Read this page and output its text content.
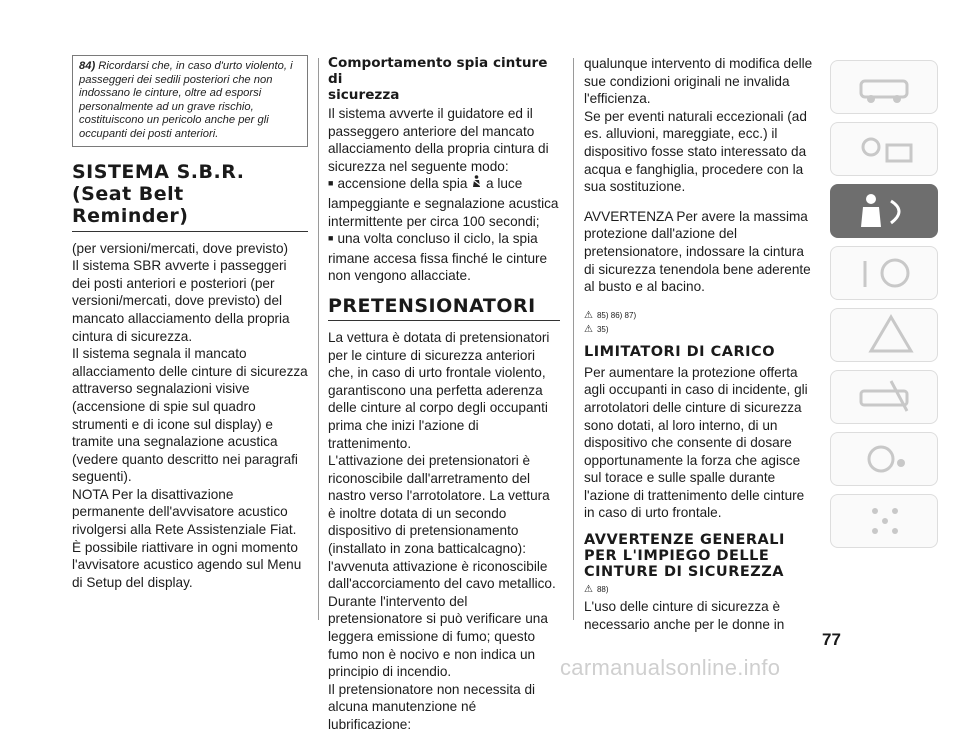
84) Ricordarsi che, in caso d'urto violento, i passeggeri dei sedili posteriori che non indossano le cinture, oltre ad esporsi personalmente ad un grave rischio, costituiscono un pericolo anche per gli occupanti dei posti anteriori.
SISTEMA S.B.R.
(Seat Belt
Reminder)

(per versioni/mercati, dove previsto)

Il sistema SBR avverte i passeggeri dei posti anteriori e posteriori (per versioni/mercati, dove previsto) del mancato allacciamento della propria cintura di sicurezza.

Il sistema segnala il mancato allacciamento delle cinture di sicurezza attraverso segnalazioni visive (accensione di spie sul quadro strumenti e di icone sul display) e tramite una segnalazione acustica (vedere quanto descritto nei paragrafi seguenti).

NOTA Per la disattivazione permanente dell'avvisatore acustico rivolgersi alla Rete Assistenziale Fiat. È possibile riattivare in ogni momento l'avvisatore acustico agendo sul Menu di Setup del display.

Comportamento spia cinture di
sicurezza

Il sistema avverte il guidatore ed il passeggero anteriore del mancato allacciamento della propria cintura di sicurezza nel seguente modo:

■ accensione della spia a luce lampeggiante e segnalazione acustica intermittente per circa 100 secondi;

■ una volta concluso il ciclo, la spia rimane accesa fissa finché le cinture non vengono allacciate.

PRETENSIONATORI

La vettura è dotata di pretensionatori per le cinture di sicurezza anteriori che, in caso di urto frontale violento, garantiscono una perfetta aderenza delle cinture al corpo degli occupanti prima che inizi l'azione di trattenimento.

L'attivazione dei pretensionatori è riconoscibile dall'arretramento del nastro verso l'arrotolatore. La vettura è inoltre dotata di un secondo dispositivo di pretensionamento (installato in zona batticalcagno):

l'avvenuta attivazione è riconoscibile dall'accorciamento del cavo metallico.

Durante l'intervento del pretensionatore si può verificare una leggera emissione di fumo; questo fumo non è nocivo e non indica un principio di incendio.

Il pretensionatore non necessita di alcuna manutenzione né lubrificazione:

qualunque intervento di modifica delle sue condizioni originali ne invalida l'efficienza.

Se per eventi naturali eccezionali (ad es. alluvioni, mareggiate, ecc.) il dispositivo fosse stato interessato da acqua e fanghiglia, procedere con la sua sostituzione.

AVVERTENZA Per avere la massima protezione dall'azione del pretensionatore, indossare la cintura di sicurezza tenendola bene aderente al busto e al bacino.

⚠ 85) 86) 87)
⚠ 35)
LIMITATORI DI CARICO

Per aumentare la protezione offerta agli occupanti in caso di incidente, gli arrotolatori delle cinture di sicurezza sono dotati, al loro interno, di un dispositivo che consente di dosare opportunamente la forza che agisce sul torace e sulle spalle durante l'azione di trattenimento delle cinture in caso di urto frontale.

AVVERTENZE GENERALI
PER L'IMPIEGO DELLE
CINTURE DI SICUREZZA
⚠ 88)

L'uso delle cinture di sicurezza è necessario anche per le donne in

77
carmanualsonline.info
